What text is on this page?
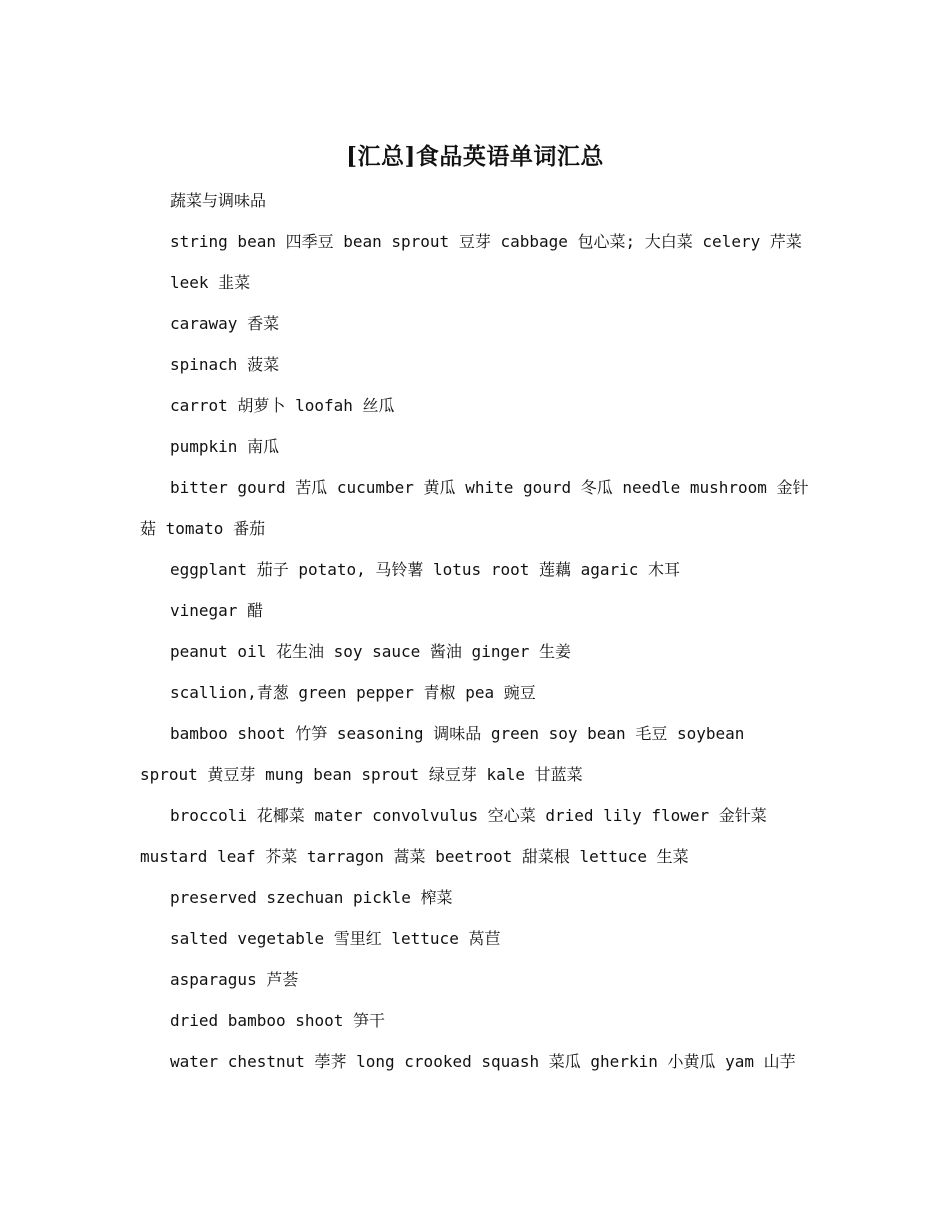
[汇总]食品英语单词汇总

蔬菜与调味品

string bean 四季豆 bean sprout 豆芽 cabbage 包心菜; 大白菜 celery 芹菜

leek 韭菜

caraway 香菜

spinach 菠菜

carrot 胡萝卜 loofah 丝瓜

pumpkin 南瓜

bitter gourd 苦瓜 cucumber 黄瓜 white gourd 冬瓜 needle mushroom 金针菇 tomato 番茄

eggplant 茄子 potato, 马铃薯 lotus root 莲藕 agaric 木耳

vinegar 醋

peanut oil 花生油 soy sauce 酱油 ginger 生姜

scallion,青葱 green pepper 青椒 pea 豌豆

bamboo shoot 竹笋 seasoning 调味品 green soy bean 毛豆 soybean sprout 黄豆芽 mung bean sprout 绿豆芽 kale 甘蓝菜

broccoli 花椰菜 mater convolvulus 空心菜 dried lily flower 金针菜 mustard leaf 芥菜 tarragon 蒿菜 beetroot 甜菜根 lettuce 生菜

preserved szechuan pickle 榨菜

salted vegetable 雪里红 lettuce 莴苣

asparagus 芦荟

dried bamboo shoot 笋干

water chestnut 荸荠 long crooked squash 菜瓜 gherkin 小黄瓜 yam 山芋
